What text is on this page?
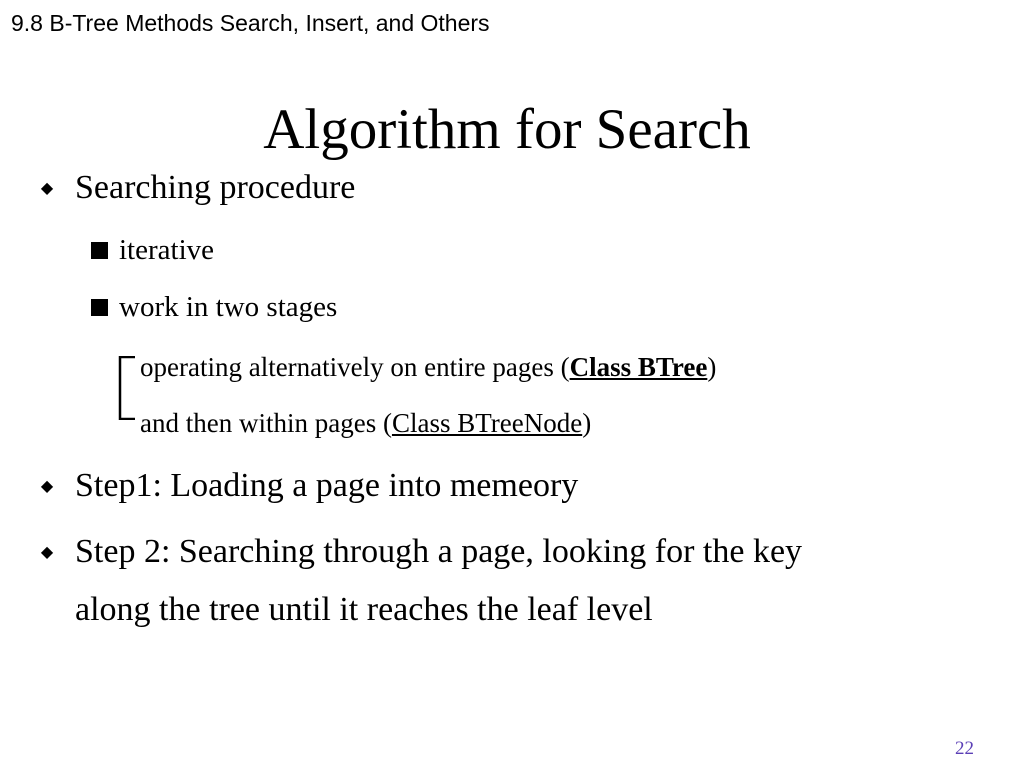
9.8 B-Tree Methods Search, Insert, and Others
Algorithm for Search
◆ Searching procedure
iterative
work in two stages
operating alternatively on entire pages (Class BTree)
and then within pages (Class BTreeNode)
◆ Step1: Loading a page into memeory
◆ Step 2: Searching through a page, looking for the key
along the tree until it reaches the leaf level
22
